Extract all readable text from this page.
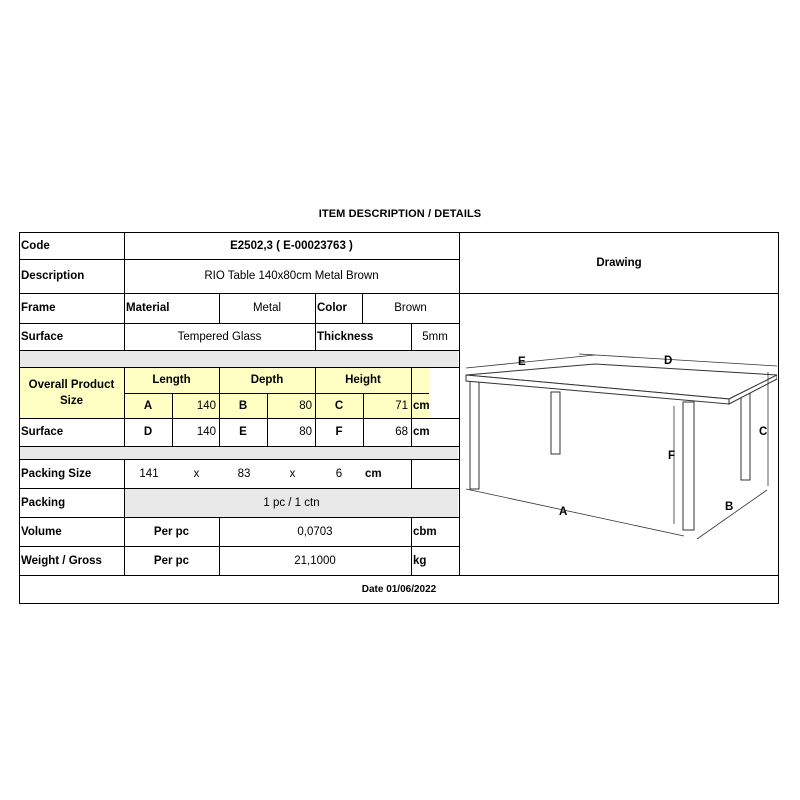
ITEM DESCRIPTION / DETAILS
Code	E2502,3 ( E-00023763 )
Description	RIO Table 140x80cm Metal Brown
Drawing
Frame	Material	Metal	Color	Brown
Surface	Tempered Glass	Thickness	5mm
Overall Product Size
Length	Depth	Height
A	140	B	80	C	71 cm
Surface	D	140	E	80	F	68 cm
Packing Size	141	x	83	x	6	cm
Packing	1 pc / 1 ctn
Volume	Per pc	0,0703	cbm
Weight / Gross	Per pc	21,1000	kg
Date 01/06/2022
E	D
C
F
A	B
